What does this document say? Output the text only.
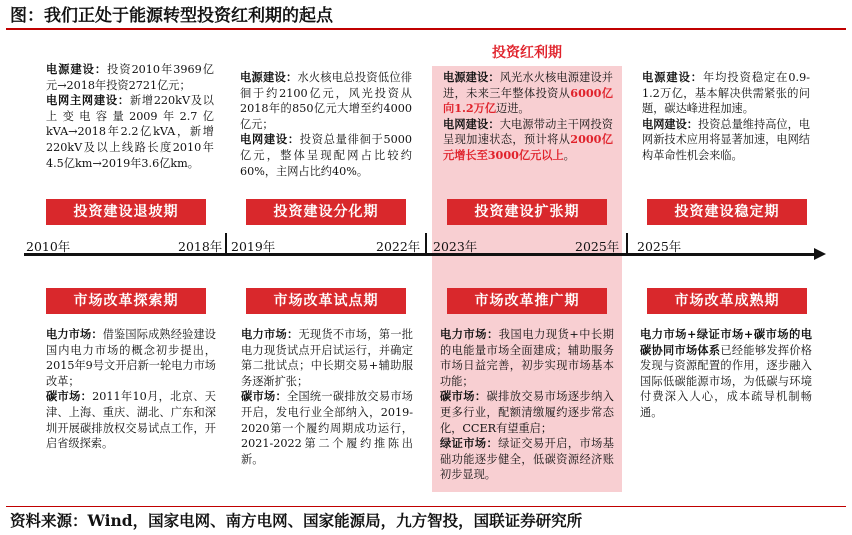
图：我们正处于能源转型投资红利期的起点
投资红利期
电源建设：投资2010年3969亿元→2018年投资2721亿元；
电网主网建设：新增220kV及以上变电容量2009年2.7亿kVA→2018年2.2亿kVA，新增220kV及以上线路长度2010年4.5亿km→2019年3.6亿km。
电源建设：水火核电总投资低位徘徊于约2100亿元，风光投资从2018年的850亿元大增至约4000亿元；
电网建设：投资总量徘徊于5000亿元，整体呈现配网占比较约60%，主网占比约40%。
电源建设：风光水火核电源建设并进，未来三年整体投资从6000亿向1.2万亿迈进。
电网建设：大电源带动主干网投资呈现加速状态，预计将从2000亿元增长至3000亿元以上。
电源建设：年均投资稳定在0.9-1.2万亿，基本解决供需紧张的问题，碳达峰进程加速。
电网建设：投资总量维持高位，电网新技术应用将显著加速，电网结构革命性机会来临。
投资建设退坡期	投资建设分化期	投资建设扩张期	投资建设稳定期
2010年	2018年 2019年	2022年 2023年	2025年 2025年
市场改革探索期	市场改革试点期	市场改革推广期	市场改革成熟期
电力市场：借鉴国际成熟经验建设国内电力市场的概念初步提出，2015年9号文开启新一轮电力市场改革；
碳市场：2011年10月，北京、天津、上海、重庆、湖北、广东和深圳开展碳排放权交易试点工作，开启省级探索。
电力市场：无现货不市场，第一批电力现货试点开启试运行，并确定第二批试点；中长期交易+辅助服务逐渐扩张；
碳市场：全国统一碳排放交易市场开启，发电行业全部纳入，2019-2020第一个履约周期成功运行，2021-2022第二个履约推陈出新。
电力市场：我国电力现货+中长期的电能量市场全面建成；辅助服务市场日益完善，初步实现市场基本功能；
碳市场：碳排放交易市场逐步纳入更多行业，配额清缴履约逐步常态化，CCER有望重启；
绿证市场：绿证交易开启，市场基础功能逐步健全，低碳资源经济账初步显现。
电力市场+绿证市场+碳市场的电碳协同市场体系已经能够发挥价格发现与资源配置的作用，逐步融入国际低碳能源市场，为低碳与环境付费深入人心，成本疏导机制畅通。
资料来源：Wind，国家电网、南方电网、国家能源局，九方智投，国联证券研究所
